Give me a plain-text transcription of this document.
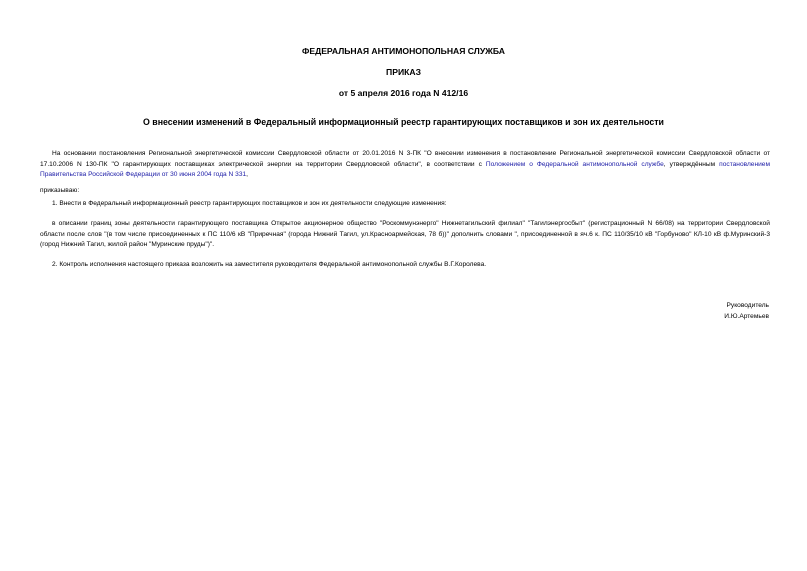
ФЕДЕРАЛЬНАЯ АНТИМОНОПОЛЬНАЯ СЛУЖБА
ПРИКАЗ
от 5 апреля 2016 года N 412/16
О внесении изменений в Федеральный информационный реестр гарантирующих поставщиков и зон их деятельности
На основании постановления Региональной энергетической комиссии Свердловской области от 20.01.2016 N 3-ПК "О внесении изменения в постановление Региональной энергетической комиссии Свердловской области от 17.10.2006 N 130-ПК "О гарантирующих поставщиках электрической энергии на территории Свердловской области", в соответствии с Положением о Федеральной антимонопольной службе, утверждённым постановлением Правительства Российской Федерации от 30 июня 2004 года N 331,
приказываю:
1. Внести в Федеральный информационный реестр гарантирующих поставщиков и зон их деятельности следующие изменения:
в описании границ зоны деятельности гарантирующего поставщика Открытое акционерное общество "Роскоммунэнерго" Нижнетагильский филиал" "Тагилэнергосбыт" (регистрационный N 66/08) на территории Свердловской области после слов "(в том числе присоединенных к ПС 110/6 кВ "Приречная" (города Нижний Тагил, ул.Красноармейская, 78 б))" дополнить словами ", присоединенной в яч.6 к. ПС 110/35/10 кВ "Горбуново" КЛ-10 кВ ф.Муринский-3 (город Нижний Тагил, жилой район "Муринские пруды")".
2. Контроль исполнения настоящего приказа возложить на заместителя руководителя Федеральной антимонопольной службы В.Г.Королева.
Руководитель
И.Ю.Артемьев
